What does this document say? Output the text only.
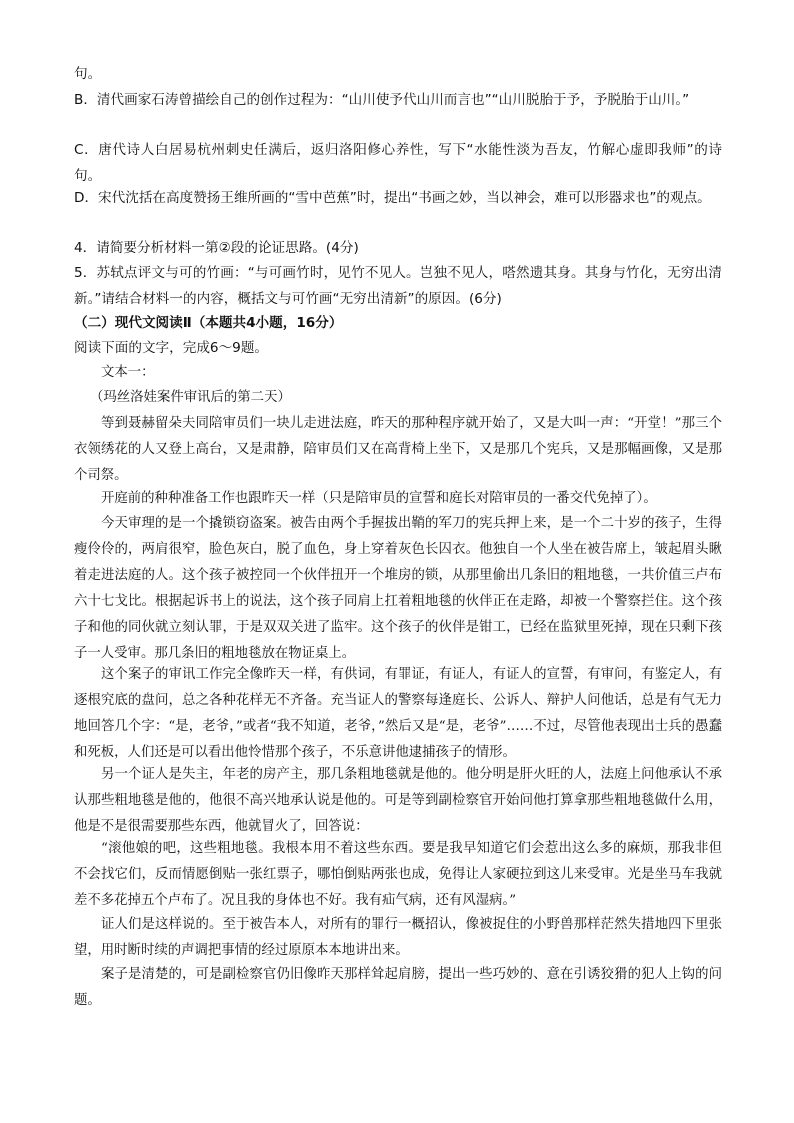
句。

B．清代画家石涛曾描绘自己的创作过程为：“山川使予代山川而言也”“山川脱胎于予，予脱胎于山川。”

C．唐代诗人白居易杭州刺史任满后，返归洛阳修心养性，写下“水能性淡为吾友，竹解心虚即我师”的诗句。

D．宋代沈括在高度赞扬王维所画的“雪中芭蕉”时，提出“书画之妙，当以神会，难可以形器求也”的观点。

4．请简要分析材料一第②段的论证思路。(4分)

5．苏轼点评文与可的竹画：“与可画竹时，见竹不见人。岂独不见人，嗒然遗其身。其身与竹化，无穷出清新。”请结合材料一的内容，概括文与可竹画“无穷出清新”的原因。(6分)

（二）现代文阅读Ⅱ（本题共4小题，16分）

阅读下面的文字，完成6～9题。

文本一：

（玛丝洛娃案件审讯后的第二天）

等到聂赫留朵夫同陪审员们一块儿走进法庭，昨天的那种程序就开始了，又是大叫一声：“开堂！”那三个衣领绣花的人又登上高台，又是肃静，陪审员们又在高背椅上坐下，又是那几个宪兵，又是那幅画像，又是那个司祭。

开庭前的种种准备工作也跟昨天一样（只是陪审员的宣誓和庭长对陪审员的一番交代免掉了）。

今天审理的是一个撬锁窃盗案。被告由两个手握拔出鞘的军刀的宪兵押上来，是一个二十岁的孩子，生得瘦伶伶的，两肩很窄，脸色灰白，脱了血色，身上穿着灰色长囚衣。他独自一个人坐在被告席上，皱起眉头瞅着走进法庭的人。这个孩子被控同一个伙伴扭开一个堆房的锁，从那里偷出几条旧的粗地毯，一共价值三卢布六十七戈比。根据起诉书上的说法，这个孩子同肩上扛着粗地毯的伙伴正在走路，却被一个警察拦住。这个孩子和他的同伙就立刻认罪，于是双双关进了监牢。这个孩子的伙伴是钳工，已经在监狱里死掉，现在只剩下孩子一人受审。那几条旧的粗地毯放在物证桌上。

这个案子的审讯工作完全像昨天一样，有供词，有罪证，有证人，有证人的宣誓，有审问，有鉴定人，有逐根究底的盘问，总之各种花样无不齐备。充当证人的警察每逢庭长、公诉人、辩护人问他话，总是有气无力地回答几个字：“是，老爷，”或者“我不知道，老爷，”然后又是“是，老爷”……不过，尽管他表现出士兵的愚蠢和死板，人们还是可以看出他怜惜那个孩子，不乐意讲他逮捕孩子的情形。

另一个证人是失主，年老的房产主，那几条粗地毯就是他的。他分明是肝火旺的人，法庭上问他承认不承认那些粗地毯是他的，他很不高兴地承认说是他的。可是等到副检察官开始问他打算拿那些粗地毯做什么用，他是不是很需要那些东西，他就冒火了，回答说：

“滚他娘的吧，这些粗地毯。我根本用不着这些东西。要是我早知道它们会惹出这么多的麻烦，那我非但不会找它们，反而情愿倒贴一张红票子，哪怕倒贴两张也成，免得让人家硬拉到这儿来受审。光是坐马车我就差不多花掉五个卢布了。况且我的身体也不好。我有疝气病，还有风湿病。”

证人们是这样说的。至于被告本人，对所有的罪行一概招认，像被捉住的小野兽那样茫然失措地四下里张望，用时断时续的声调把事情的经过原原本本地讲出来。

案子是清楚的，可是副检察官仍旧像昨天那样耸起肩膀，提出一些巧妙的、意在引诱狡猾的犯人上钩的问题。
